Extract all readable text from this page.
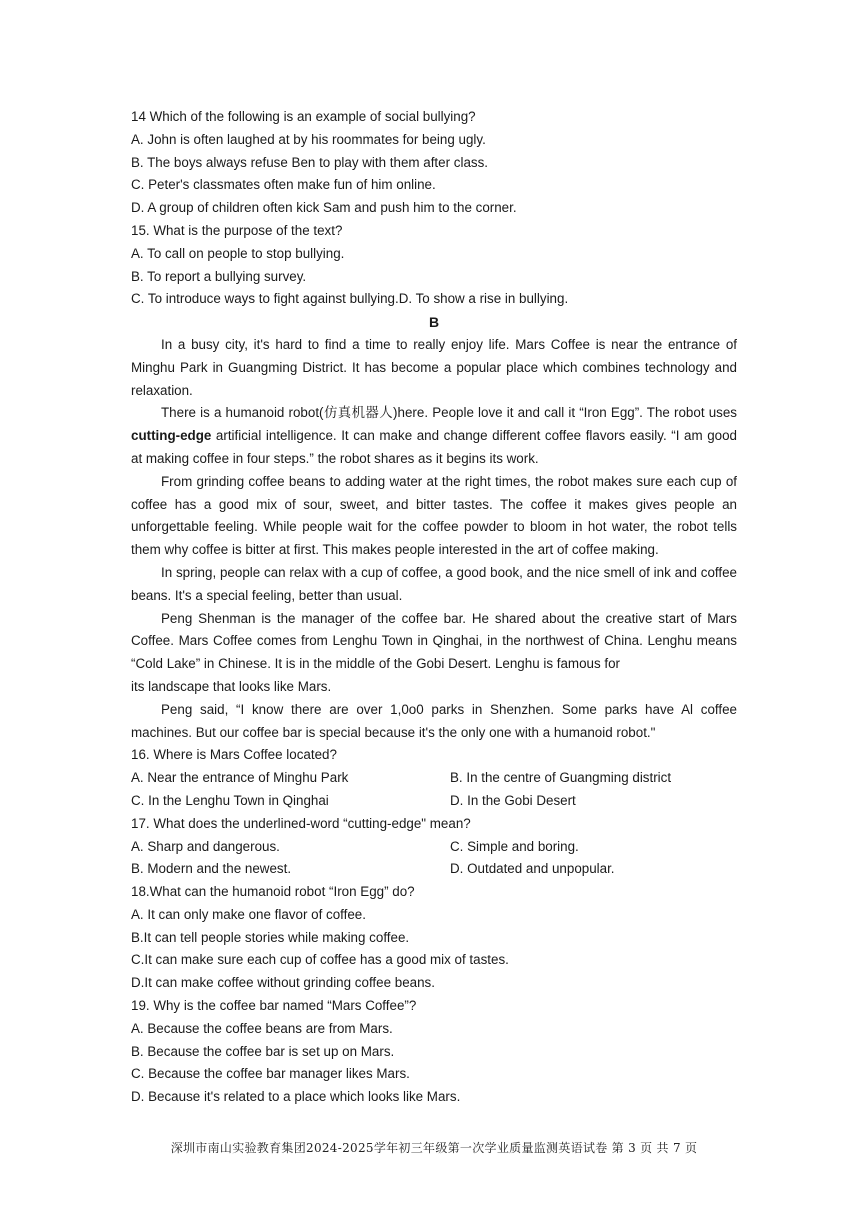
14 Which of the following is an example of social bullying?
A. John is often laughed at by his roommates for being ugly.
B. The boys always refuse Ben to play with them after class.
C. Peter's classmates often make fun of him online.
D. A group of children often kick Sam and push him to the corner.
15. What is the purpose of the text?
A. To call on people to stop bullying.
B. To report a bullying survey.
C. To introduce ways to fight against bullying.D. To show a rise in bullying.
B

In a busy city, it's hard to find a time to really enjoy life. Mars Coffee is near the entrance of Minghu Park in Guangming District. It has become a popular place which combines technology and relaxation.

There is a humanoid robot(仿真机器人)here. People love it and call it “Iron Egg”. The robot uses cutting-edge artificial intelligence. It can make and change different coffee flavors easily. “I am good at making coffee in four steps.” the robot shares as it begins its work.

From grinding coffee beans to adding water at the right times, the robot makes sure each cup of coffee has a good mix of sour, sweet, and bitter tastes. The coffee it makes gives people an unforgettable feeling. While people wait for the coffee powder to bloom in hot water, the robot tells them why coffee is bitter at first. This makes people interested in the art of coffee making.

In spring, people can relax with a cup of coffee, a good book, and the nice smell of ink and coffee beans. It's a special feeling, better than usual.

Peng Shenman is the manager of the coffee bar. He shared about the creative start of Mars Coffee. Mars Coffee comes from Lenghu Town in Qinghai, in the northwest of China. Lenghu means “Cold Lake” in Chinese. It is in the middle of the Gobi Desert. Lenghu is famous for

its landscape that looks like Mars.

Peng said, “I know there are over 1,0o0 parks in Shenzhen. Some parks have Al coffee machines. But our coffee bar is special because it's the only one with a humanoid robot."

16. Where is Mars Coffee located?
A. Near the entrance of Minghu Park	B. In the centre of Guangming district
C. In the Lenghu Town in Qinghai	D. In the Gobi Desert
17. What does the underlined-word “cutting-edge" mean?
A. Sharp and dangerous.	C. Simple and boring.
B. Modern and the newest.	D. Outdated and unpopular.
18.What can the humanoid robot “Iron Egg” do?
A. It can only make one flavor of coffee.
B.It can tell people stories while making coffee.
C.It can make sure each cup of coffee has a good mix of tastes.
D.It can make coffee without grinding coffee beans.
19. Why is the coffee bar named “Mars Coffee”?
A. Because the coffee beans are from Mars.
B. Because the coffee bar is set up on Mars.
C. Because the coffee bar manager likes Mars.
D. Because it's related to a place which looks like Mars.
深圳市南山实验教育集团2024-2025学年初三年级第一次学业质量监测英语试卷 第 3 页 共 7 页
